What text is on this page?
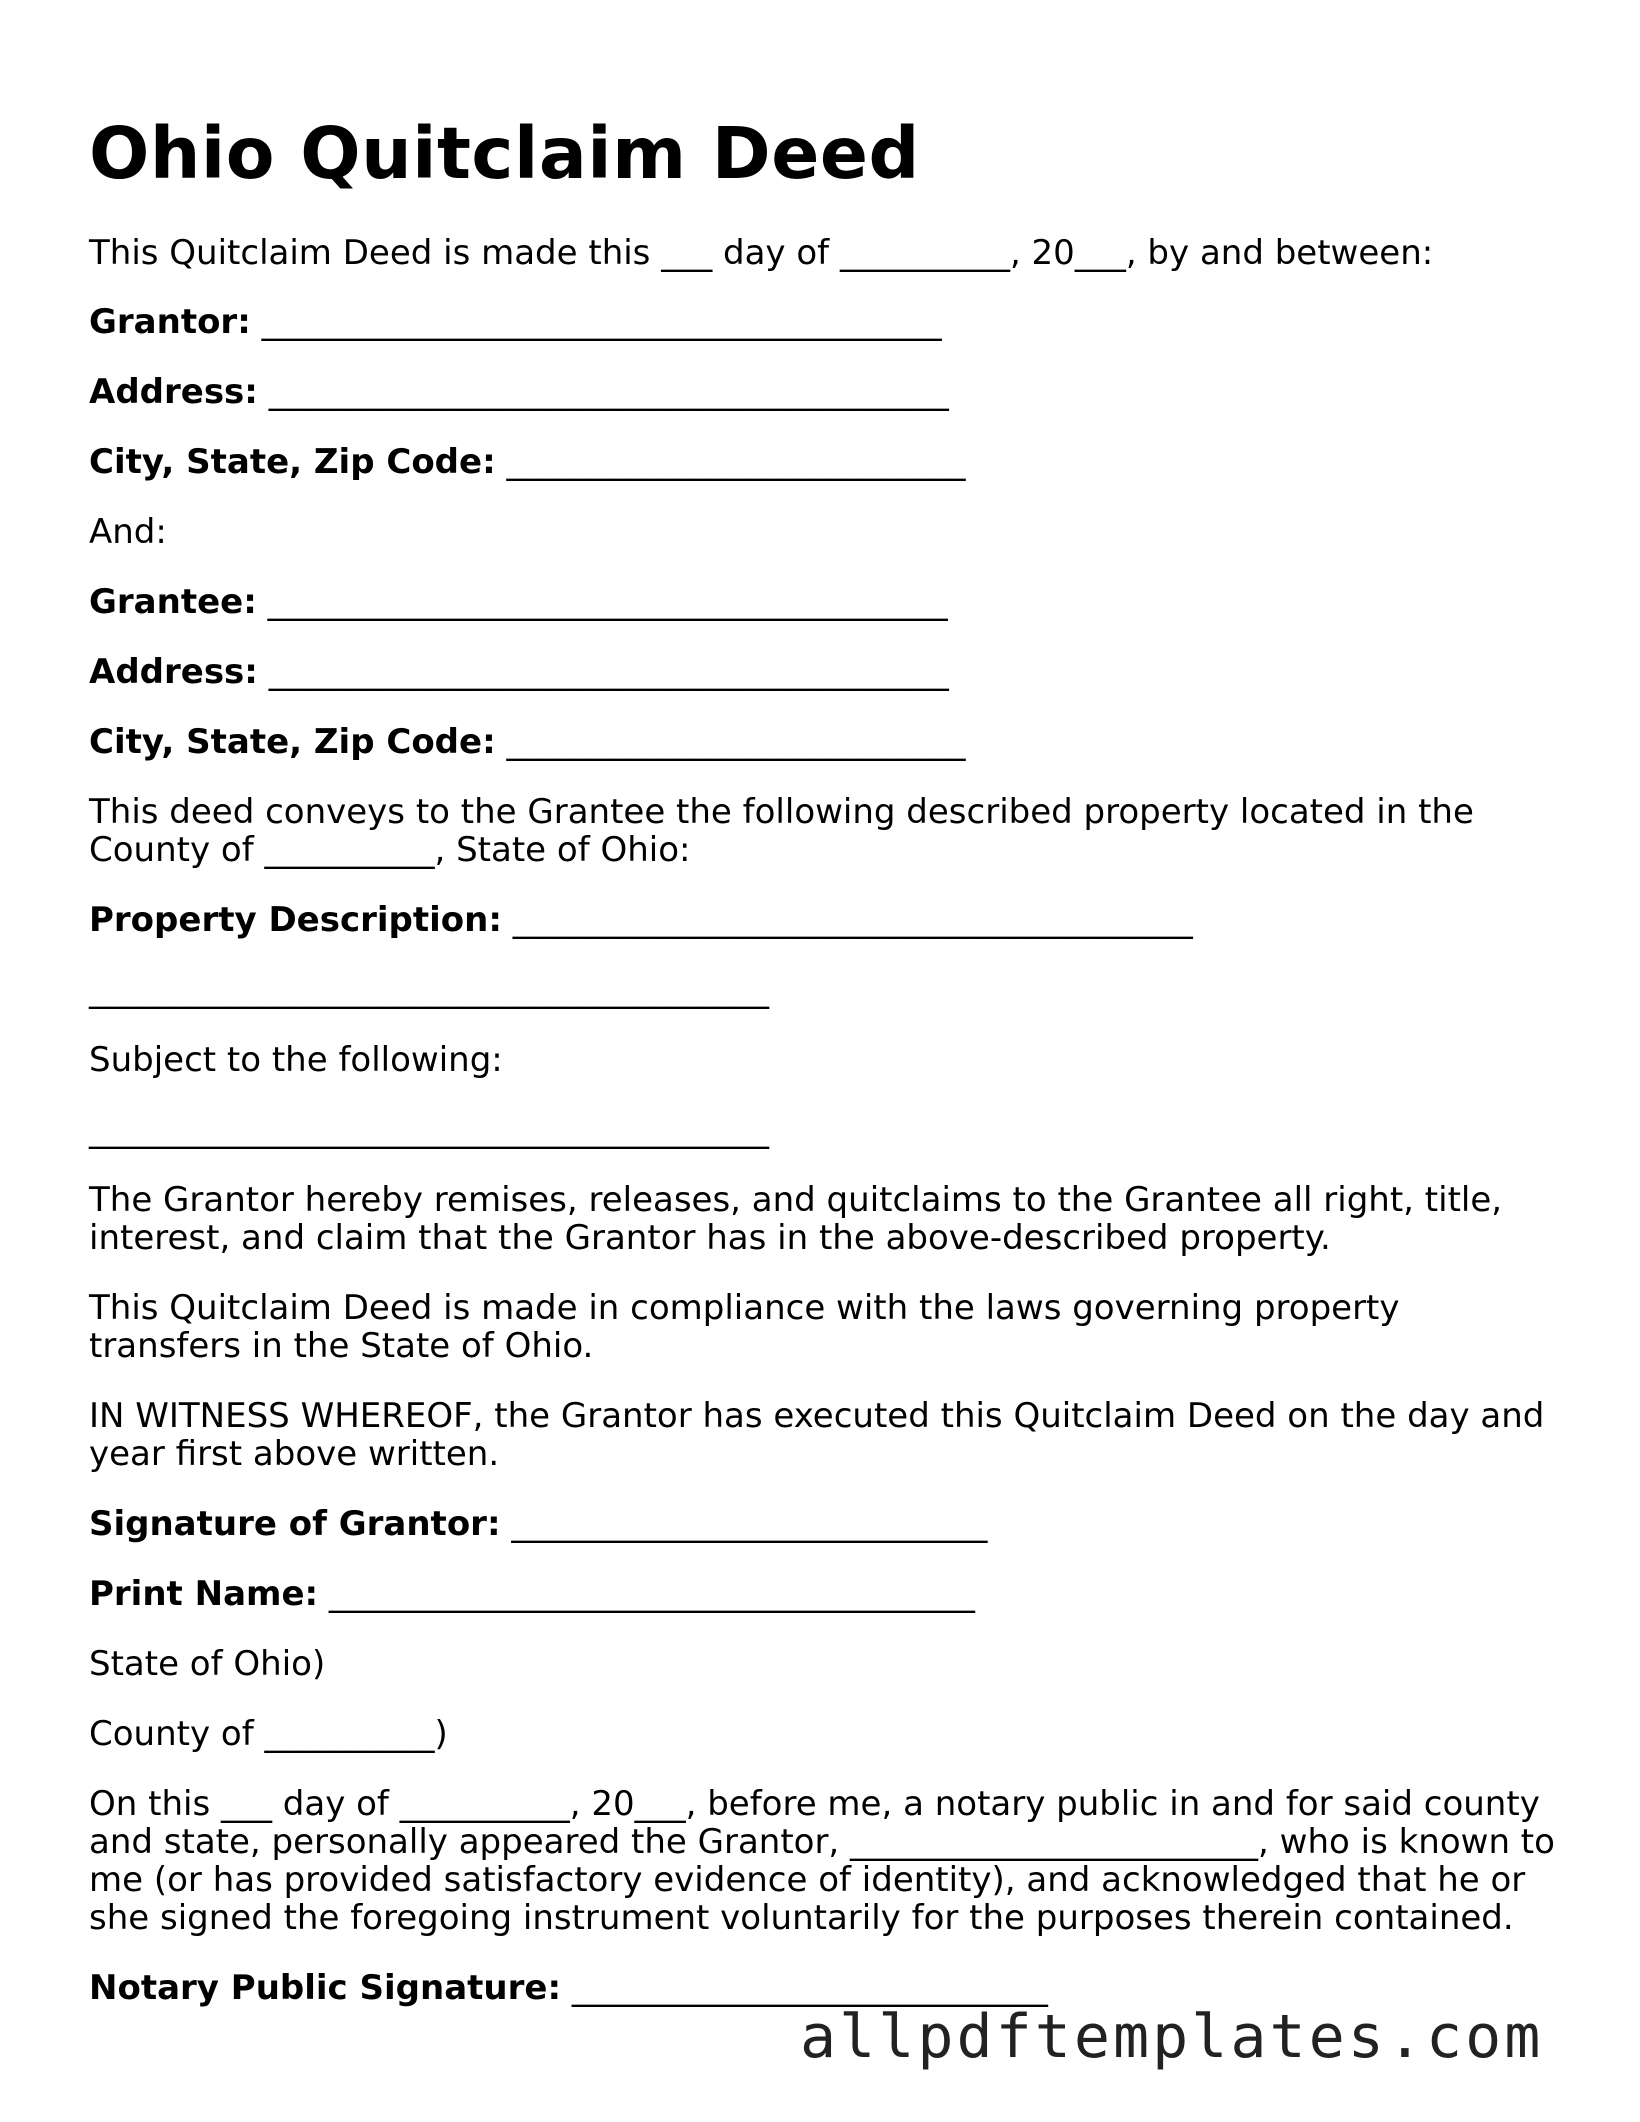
Ohio Quitclaim Deed
This Quitclaim Deed is made this ___ day of __________, 20___, by and between:
Grantor: ________________________________________
Address: ________________________________________
City, State, Zip Code: ___________________________
And:
Grantee: ________________________________________
Address: ________________________________________
City, State, Zip Code: ___________________________
This deed conveys to the Grantee the following described property located in the County of __________, State of Ohio:
Property Description: ________________________________________
________________________________________
Subject to the following:
________________________________________
The Grantor hereby remises, releases, and quitclaims to the Grantee all right, title, interest, and claim that the Grantor has in the above-described property.
This Quitclaim Deed is made in compliance with the laws governing property transfers in the State of Ohio.
IN WITNESS WHEREOF, the Grantor has executed this Quitclaim Deed on the day and year first above written.
Signature of Grantor: ____________________________
Print Name: ______________________________________
State of Ohio)
County of __________)
On this ___ day of __________, 20___, before me, a notary public in and for said county and state, personally appeared the Grantor, ________________________, who is known to me (or has provided satisfactory evidence of identity), and acknowledged that he or she signed the foregoing instrument voluntarily for the purposes therein contained.
Notary Public Signature: ____________________________
allpdftemplates.com
